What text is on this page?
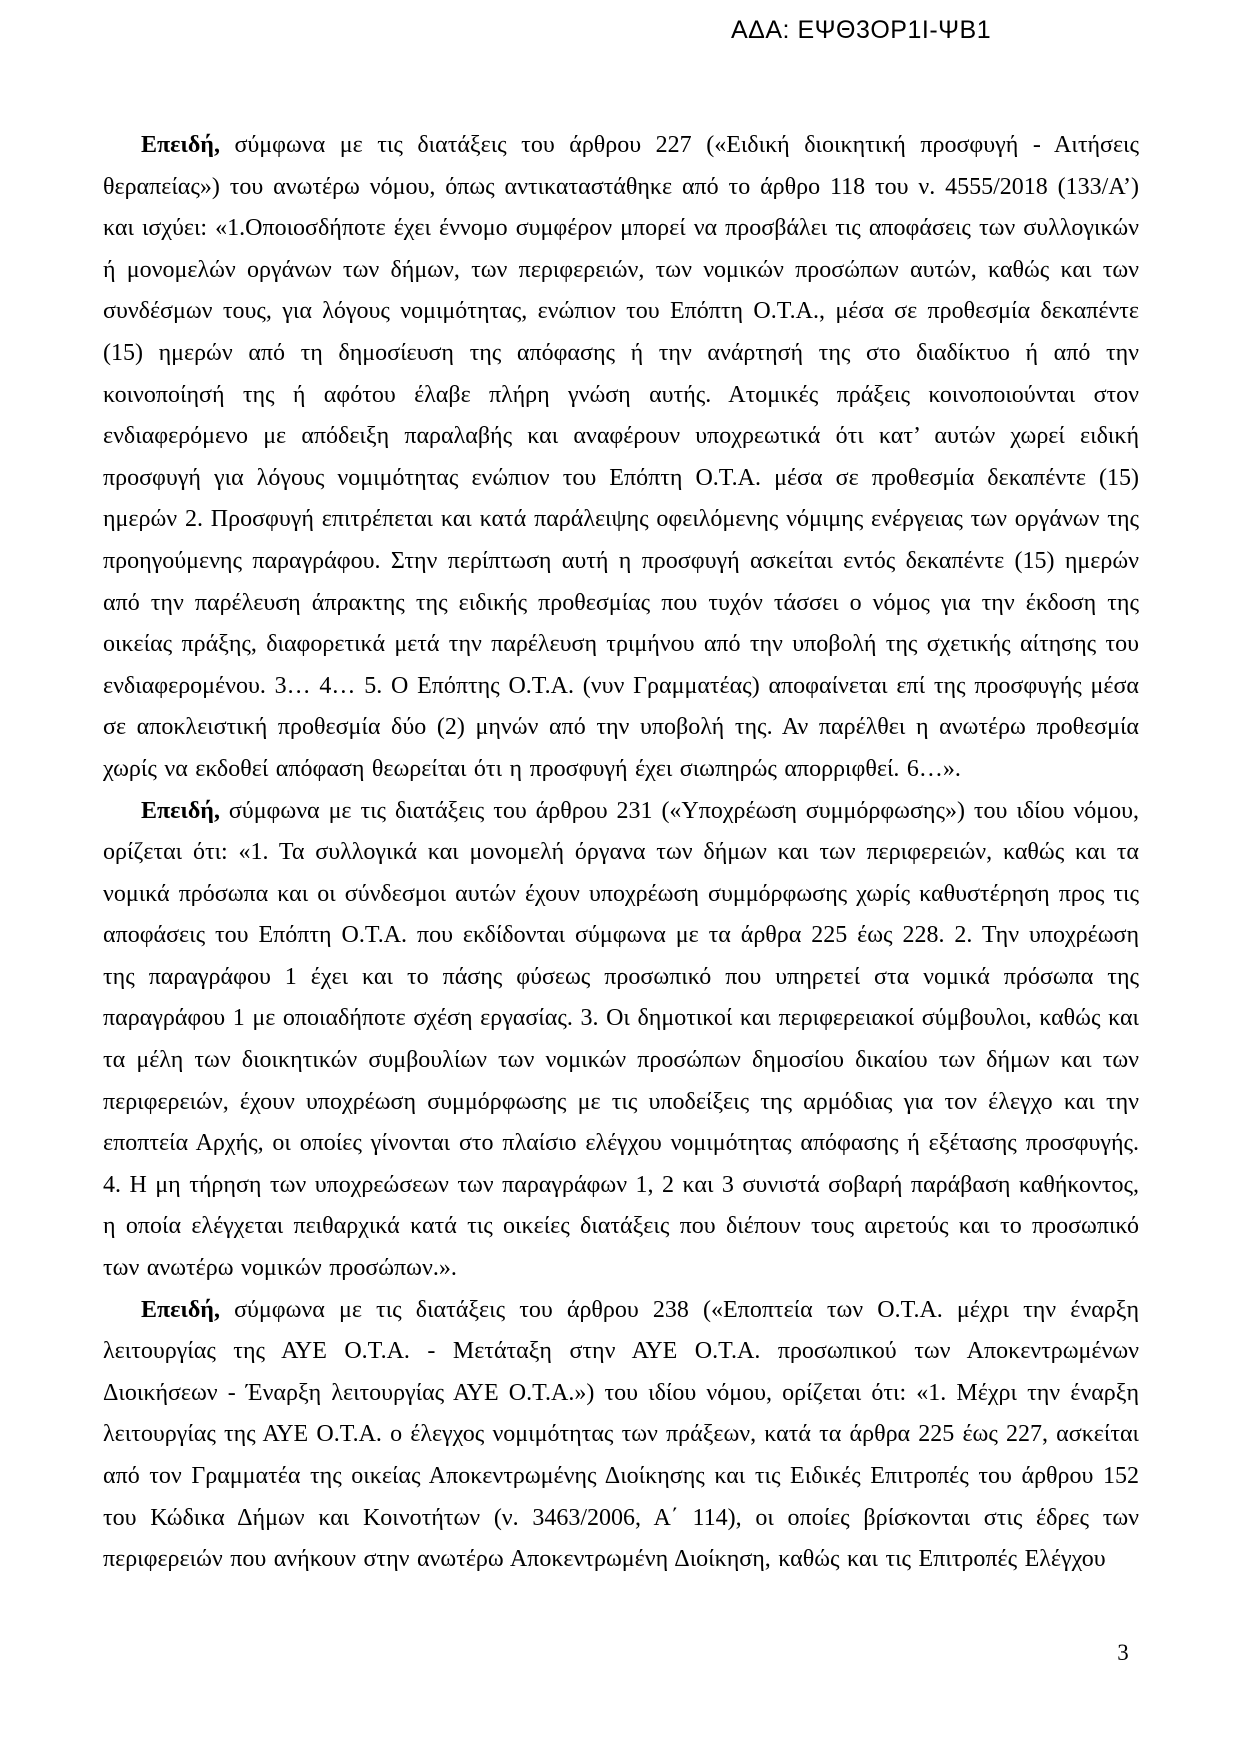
ΑΔΑ: ΕΨΘ3ΟΡ1Ι-ΨΒ1

Επειδή, σύμφωνα με τις διατάξεις του άρθρου 227 («Ειδική διοικητική προσφυγή - Αιτήσεις θεραπείας») του ανωτέρω νόμου, όπως αντικαταστάθηκε από το άρθρο 118 του ν. 4555/2018 (133/Α’) και ισχύει: «1.Οποιοσδήποτε έχει έννομο συμφέρον μπορεί να προσβάλει τις αποφάσεις των συλλογικών ή μονομελών οργάνων των δήμων, των περιφερειών, των νομικών προσώπων αυτών, καθώς και των συνδέσμων τους, για λόγους νομιμότητας, ενώπιον του Επόπτη Ο.Τ.Α., μέσα σε προθεσμία δεκαπέντε (15) ημερών από τη δημοσίευση της απόφασης ή την ανάρτησή της στο διαδίκτυο ή από την κοινοποίησή της ή αφότου έλαβε πλήρη γνώση αυτής. Ατομικές πράξεις κοινοποιούνται στον ενδιαφερόμενο με απόδειξη παραλαβής και αναφέρουν υποχρεωτικά ότι κατ’ αυτών χωρεί ειδική προσφυγή για λόγους νομιμότητας ενώπιον του Επόπτη Ο.Τ.Α. μέσα σε προθεσμία δεκαπέντε (15) ημερών 2. Προσφυγή επιτρέπεται και κατά παράλειψης οφειλόμενης νόμιμης ενέργειας των οργάνων της προηγούμενης παραγράφου. Στην περίπτωση αυτή η προσφυγή ασκείται εντός δεκαπέντε (15) ημερών από την παρέλευση άπρακτης της ειδικής προθεσμίας που τυχόν τάσσει ο νόμος για την έκδοση της οικείας πράξης, διαφορετικά μετά την παρέλευση τριμήνου από την υποβολή της σχετικής αίτησης του ενδιαφερομένου. 3… 4… 5. Ο Επόπτης Ο.Τ.Α. (νυν Γραμματέας) αποφαίνεται επί της προσφυγής μέσα σε αποκλειστική προθεσμία δύο (2) μηνών από την υποβολή της. Αν παρέλθει η ανωτέρω προθεσμία χωρίς να εκδοθεί απόφαση θεωρείται ότι η προσφυγή έχει σιωπηρώς απορριφθεί. 6…».

Επειδή, σύμφωνα με τις διατάξεις του άρθρου 231 («Υποχρέωση συμμόρφωσης») του ιδίου νόμου, ορίζεται ότι: «1. Τα συλλογικά και μονομελή όργανα των δήμων και των περιφερειών, καθώς και τα νομικά πρόσωπα και οι σύνδεσμοι αυτών έχουν υποχρέωση συμμόρφωσης χωρίς καθυστέρηση προς τις αποφάσεις του Επόπτη Ο.Τ.Α. που εκδίδονται σύμφωνα με τα άρθρα 225 έως 228. 2. Την υποχρέωση της παραγράφου 1 έχει και το πάσης φύσεως προσωπικό που υπηρετεί στα νομικά πρόσωπα της παραγράφου 1 με οποιαδήποτε σχέση εργασίας. 3. Οι δημοτικοί και περιφερειακοί σύμβουλοι, καθώς και τα μέλη των διοικητικών συμβουλίων των νομικών προσώπων δημοσίου δικαίου των δήμων και των περιφερειών, έχουν υποχρέωση συμμόρφωσης με τις υποδείξεις της αρμόδιας για τον έλεγχο και την εποπτεία Αρχής, οι οποίες γίνονται στο πλαίσιο ελέγχου νομιμότητας απόφασης ή εξέτασης προσφυγής. 4. Η μη τήρηση των υποχρεώσεων των παραγράφων 1, 2 και 3 συνιστά σοβαρή παράβαση καθήκοντος, η οποία ελέγχεται πειθαρχικά κατά τις οικείες διατάξεις που διέπουν τους αιρετούς και το προσωπικό των ανωτέρω νομικών προσώπων.».

Επειδή, σύμφωνα με τις διατάξεις του άρθρου 238 («Εποπτεία των Ο.Τ.Α. μέχρι την έναρξη λειτουργίας της ΑΥΕ Ο.Τ.Α. - Μετάταξη στην ΑΥΕ Ο.Τ.Α. προσωπικού των Αποκεντρωμένων Διοικήσεων - Έναρξη λειτουργίας ΑΥΕ Ο.Τ.Α.») του ιδίου νόμου, ορίζεται ότι: «1. Μέχρι την έναρξη λειτουργίας της ΑΥΕ Ο.Τ.Α. ο έλεγχος νομιμότητας των πράξεων, κατά τα άρθρα 225 έως 227, ασκείται από τον Γραμματέα της οικείας Αποκεντρωμένης Διοίκησης και τις Ειδικές Επιτροπές του άρθρου 152 του Κώδικα Δήμων και Κοινοτήτων (ν. 3463/2006, Α΄ 114), οι οποίες βρίσκονται στις έδρες των περιφερειών που ανήκουν στην ανωτέρω Αποκεντρωμένη Διοίκηση, καθώς και τις Επιτροπές Ελέγχου

3
